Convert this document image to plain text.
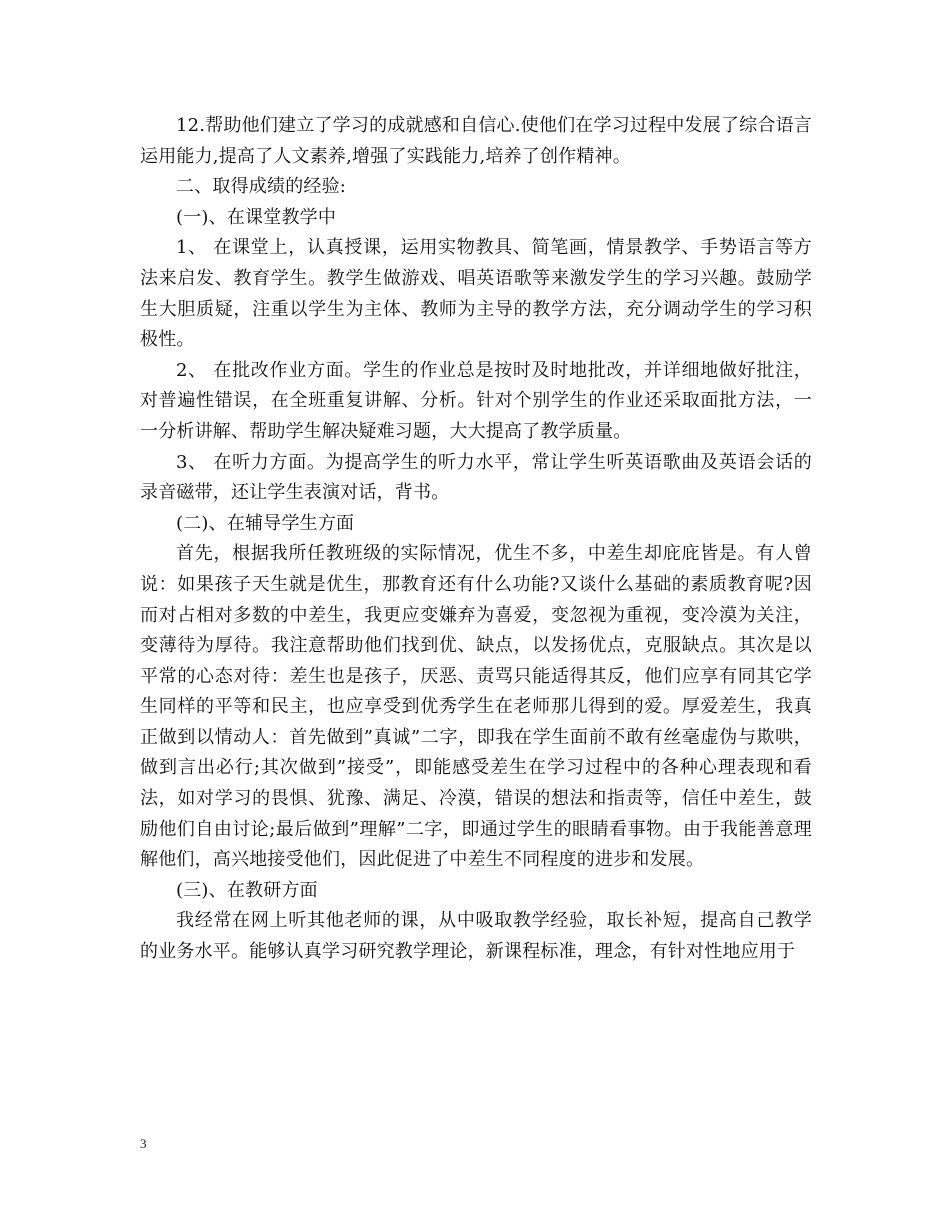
12.帮助他们建立了学习的成就感和自信心.使他们在学习过程中发展了综合语言运用能力,提高了人文素养,增强了实践能力,培养了创作精神。

二、取得成绩的经验:

(一)、在课堂教学中

1、 在课堂上，认真授课，运用实物教具、简笔画，情景教学、手势语言等方法来启发、教育学生。教学生做游戏、唱英语歌等来激发学生的学习兴趣。鼓励学生大胆质疑，注重以学生为主体、教师为主导的教学方法，充分调动学生的学习积极性。

2、 在批改作业方面。学生的作业总是按时及时地批改，并详细地做好批注，对普遍性错误，在全班重复讲解、分析。针对个别学生的作业还采取面批方法，一一分析讲解、帮助学生解决疑难习题，大大提高了教学质量。

3、 在听力方面。为提高学生的听力水平，常让学生听英语歌曲及英语会话的录音磁带，还让学生表演对话，背书。

(二)、在辅导学生方面

首先，根据我所任教班级的实际情况，优生不多，中差生却庇庇皆是。有人曾说：如果孩子天生就是优生，那教育还有什么功能?又谈什么基础的素质教育呢?因而对占相对多数的中差生，我更应变嫌弃为喜爱，变忽视为重视，变冷漠为关注，变薄待为厚待。我注意帮助他们找到优、缺点，以发扬优点，克服缺点。其次是以平常的心态对待：差生也是孩子，厌恶、责骂只能适得其反，他们应享有同其它学生同样的平等和民主，也应享受到优秀学生在老师那儿得到的爱。厚爱差生，我真正做到以情动人：首先做到”真诚”二字，即我在学生面前不敢有丝毫虚伪与欺哄，做到言出必行;其次做到”接受”，即能感受差生在学习过程中的各种心理表现和看法，如对学习的畏惧、犹豫、满足、冷漠，错误的想法和指责等，信任中差生，鼓励他们自由讨论;最后做到”理解”二字，即通过学生的眼睛看事物。由于我能善意理解他们，高兴地接受他们，因此促进了中差生不同程度的进步和发展。

(三)、在教研方面

我经常在网上听其他老师的课，从中吸取教学经验，取长补短，提高自己教学的业务水平。能够认真学习研究教学理论，新课程标准，理念，有针对性地应用于

3
